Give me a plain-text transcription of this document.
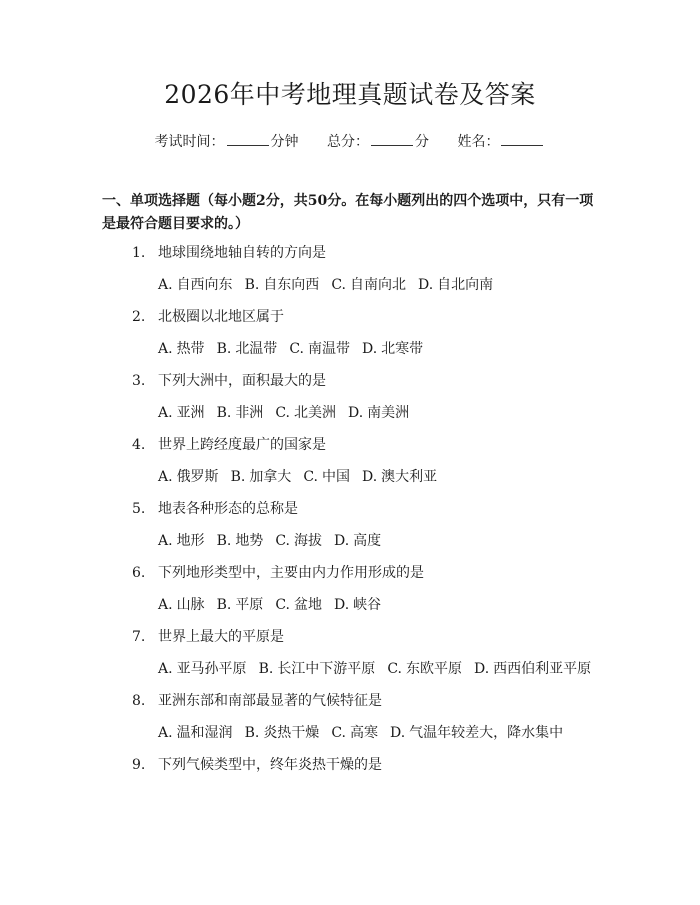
2026年中考地理真题试卷及答案
考试时间：	分钟 总分：	分 姓名：
一、单项选择题（每小题2分，共50分。在每小题列出的四个选项中，只有一项是最符合题目要求的。）
1. 地球围绕地轴自转的方向是
A. 自西向东 B. 自东向西 C. 自南向北 D. 自北向南
2. 北极圈以北地区属于
A. 热带 B. 北温带 C. 南温带 D. 北寒带
3. 下列大洲中，面积最大的是
A. 亚洲 B. 非洲 C. 北美洲 D. 南美洲
4. 世界上跨经度最广的国家是
A. 俄罗斯 B. 加拿大 C. 中国 D. 澳大利亚
5. 地表各种形态的总称是
A. 地形 B. 地势 C. 海拔 D. 高度
6. 下列地形类型中，主要由内力作用形成的是
A. 山脉 B. 平原 C. 盆地 D. 峡谷
7. 世界上最大的平原是
A. 亚马孙平原 B. 长江中下游平原 C. 东欧平原 D. 西西伯利亚平原
8. 亚洲东部和南部最显著的气候特征是
A. 温和湿润 B. 炎热干燥 C. 高寒 D. 气温年较差大，降水集中
9. 下列气候类型中，终年炎热干燥的是
